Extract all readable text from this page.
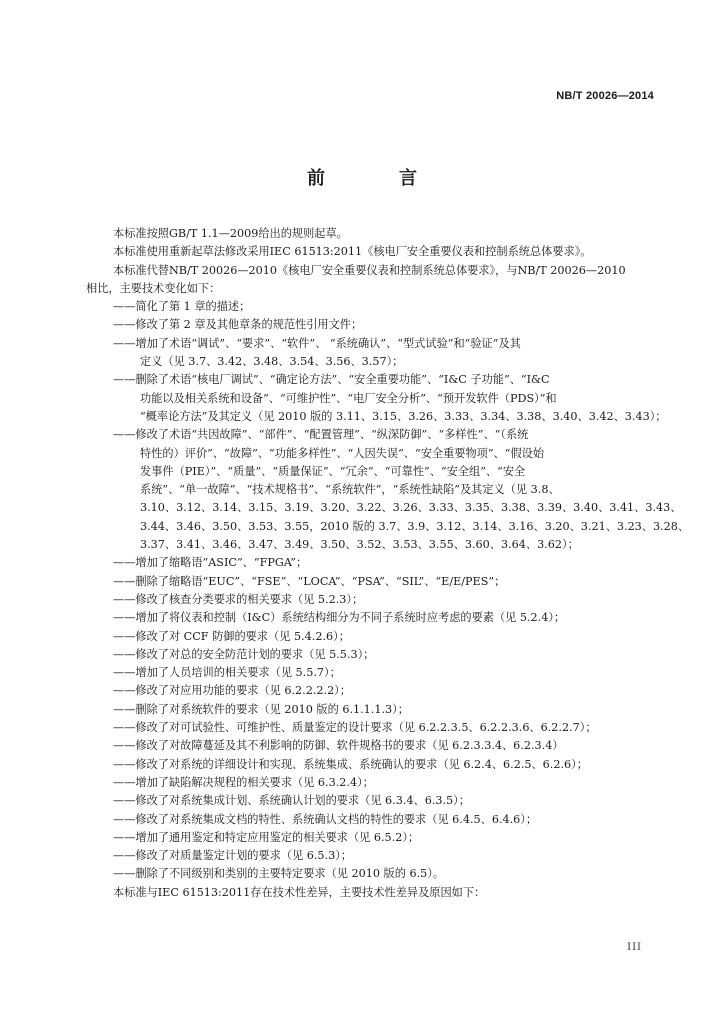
NB/T 20026—2014
前　言
本标准按照GB/T 1.1—2009给出的规则起草。
本标准使用重新起草法修改采用IEC 61513:2011《核电厂安全重要仪表和控制系统总体要求》。
本标准代替NB/T 20026—2010《核电厂安全重要仪表和控制系统总体要求》，与NB/T 20026—2010
相比，主要技术变化如下：
——简化了第 1 章的描述；
——修改了第 2 章及其他章条的规范性引用文件；
——增加了术语“调试”、“要求”、“软件”、 “系统确认”、“型式试验”和“验证”及其
定义（见 3.7、3.42、3.48、3.54、3.56、3.57）；
——删除了术语“核电厂调试”、“确定论方法”、“安全重要功能”、“I&C 子功能”、“I&C
功能以及相关系统和设备”、“可维护性”、“电厂安全分析”、“预开发软件（PDS）”和
“概率论方法”及其定义（见 2010 版的 3.11、3.15、3.26、3.33、3.34、3.38、3.40、3.42、3.43）；
——修改了术语“共因故障”、“部件”、“配置管理”、“纵深防御”、“多样性”、“（系统
特性的）评价”、“故障”、“功能多样性”、“人因失误”、“安全重要物项”、“假设始
发事件（PIE）”、“质量”、“质量保证”、“冗余”、“可靠性”、“安全组”、“安全
系统”、“单一故障”、“技术规格书”、“系统软件”，“系统性缺陷”及其定义（见 3.8、
3.10、3.12、3.14、3.15、3.19、3.20、3.22、3.26、3.33、3.35、3.38、3.39、3.40、3.41、3.43、
3.44、3.46、3.50、3.53、3.55，2010 版的 3.7、3.9、3.12、3.14、3.16、3.20、3.21、3.23、3.28、
3.37、3.41、3.46、3.47、3.49、3.50、3.52、3.53、3.55、3.60、3.64、3.62）；
——增加了缩略语“ASIC”、“FPGA”；
——删除了缩略语“EUC”、“FSE”、“LOCA”、“PSA”、“SIL”、“E/E/PES”；
——修改了核查分类要求的相关要求（见 5.2.3）；
——增加了将仪表和控制（I&C）系统结构细分为不同子系统时应考虑的要素（见 5.2.4）；
——修改了对 CCF 防御的要求（见 5.4.2.6）；
——修改了对总的安全防范计划的要求（见 5.5.3）；
——增加了人员培训的相关要求（见 5.5.7）；
——修改了对应用功能的要求（见 6.2.2.2.2）；
——删除了对系统软件的要求（见 2010 版的 6.1.1.1.3）；
——修改了对可试验性、可维护性、质量鉴定的设计要求（见 6.2.2.3.5、6.2.2.3.6、6.2.2.7）；
——修改了对故障蔓延及其不利影响的防御、软件规格书的要求（见 6.2.3.3.4、6.2.3.4）
——修改了对系统的详细设计和实现、系统集成、系统确认的要求（见 6.2.4、6.2.5、6.2.6）；
——增加了缺陷解决规程的相关要求（见 6.3.2.4）；
——修改了对系统集成计划、系统确认计划的要求（见 6.3.4、6.3.5）；
——修改了对系统集成文档的特性、系统确认文档的特性的要求（见 6.4.5、6.4.6）；
——增加了通用鉴定和特定应用鉴定的相关要求（见 6.5.2）；
——修改了对质量鉴定计划的要求（见 6.5.3）；
——删除了不同级别和类别的主要特定要求（见 2010 版的 6.5）。
本标准与IEC 61513:2011存在技术性差异，主要技术性差异及原因如下：
III
